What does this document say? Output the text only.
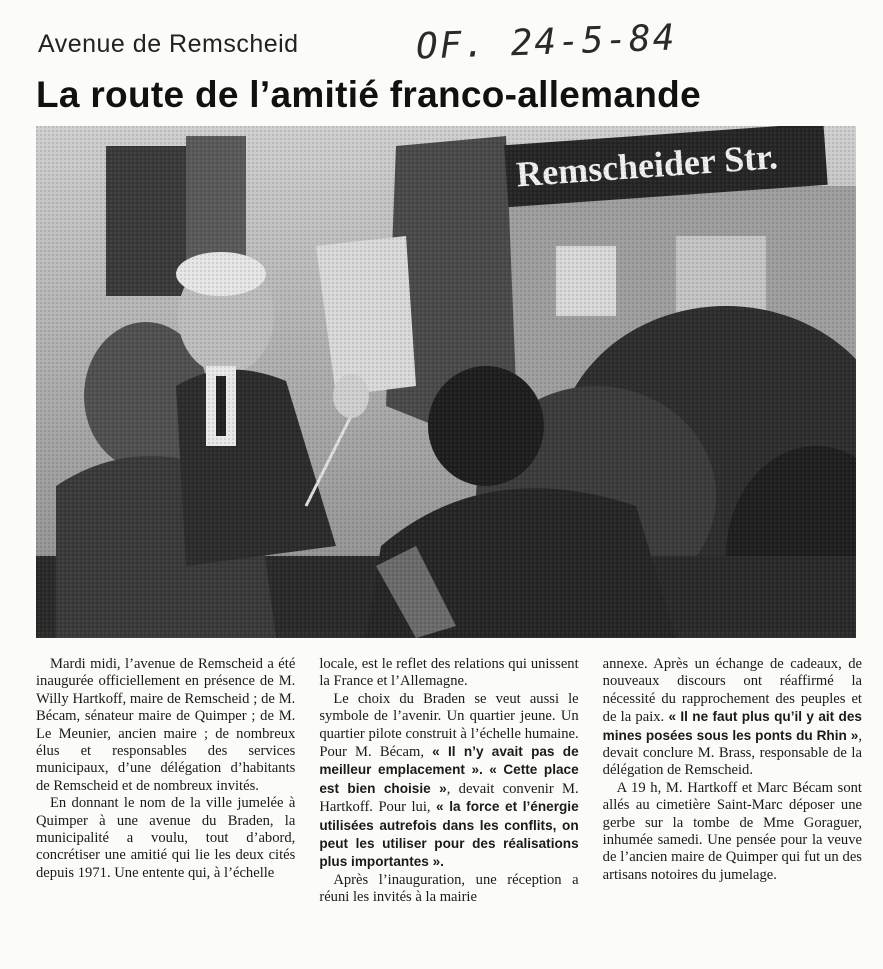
Avenue de Remscheid	OF. 24-5-84
La route de l’amitié franco-allemande

Mardi midi, l’avenue de Remscheid a été inaugurée officiellement en présence de M. Willy Hartkoff, maire de Remscheid ; de M. Bécam, sénateur maire de Quimper ; de M. Le Meunier, ancien maire ; de nombreux élus et responsables des services municipaux, d’une délégation d’habitants de Remscheid et de nombreux invités.

En donnant le nom de la ville jumelée à Quimper à une avenue du Braden, la municipalité a voulu, tout d’abord, concrétiser une amitié qui lie les deux cités depuis 1971. Une entente qui, à l’échelle

locale, est le reflet des relations qui unissent la France et l’Allemagne.

Le choix du Braden se veut aussi le symbole de l’avenir. Un quartier jeune. Un quartier pilote construit à l’échelle humaine. Pour M. Bécam, « Il n’y avait pas de meilleur emplacement ». « Cette place est bien choisie », devait convenir M. Hartkoff. Pour lui, « la force et l’énergie utilisées autrefois dans les conflits, on peut les utiliser pour des réalisations plus importantes ».

Après l’inauguration, une réception a réuni les invités à la mairie

annexe. Après un échange de cadeaux, de nouveaux discours ont réaffirmé la nécessité du rapprochement des peuples et de la paix. « Il ne faut plus qu’il y ait des mines posées sous les ponts du Rhin », devait conclure M. Brass, responsable de la délégation de Remscheid.

A 19 h, M. Hartkoff et Marc Bécam sont allés au cimetière Saint-Marc déposer une gerbe sur la tombe de Mme Goraguer, inhumée samedi. Une pensée pour la veuve de l’ancien maire de Quimper qui fut un des artisans notoires du jumelage.
